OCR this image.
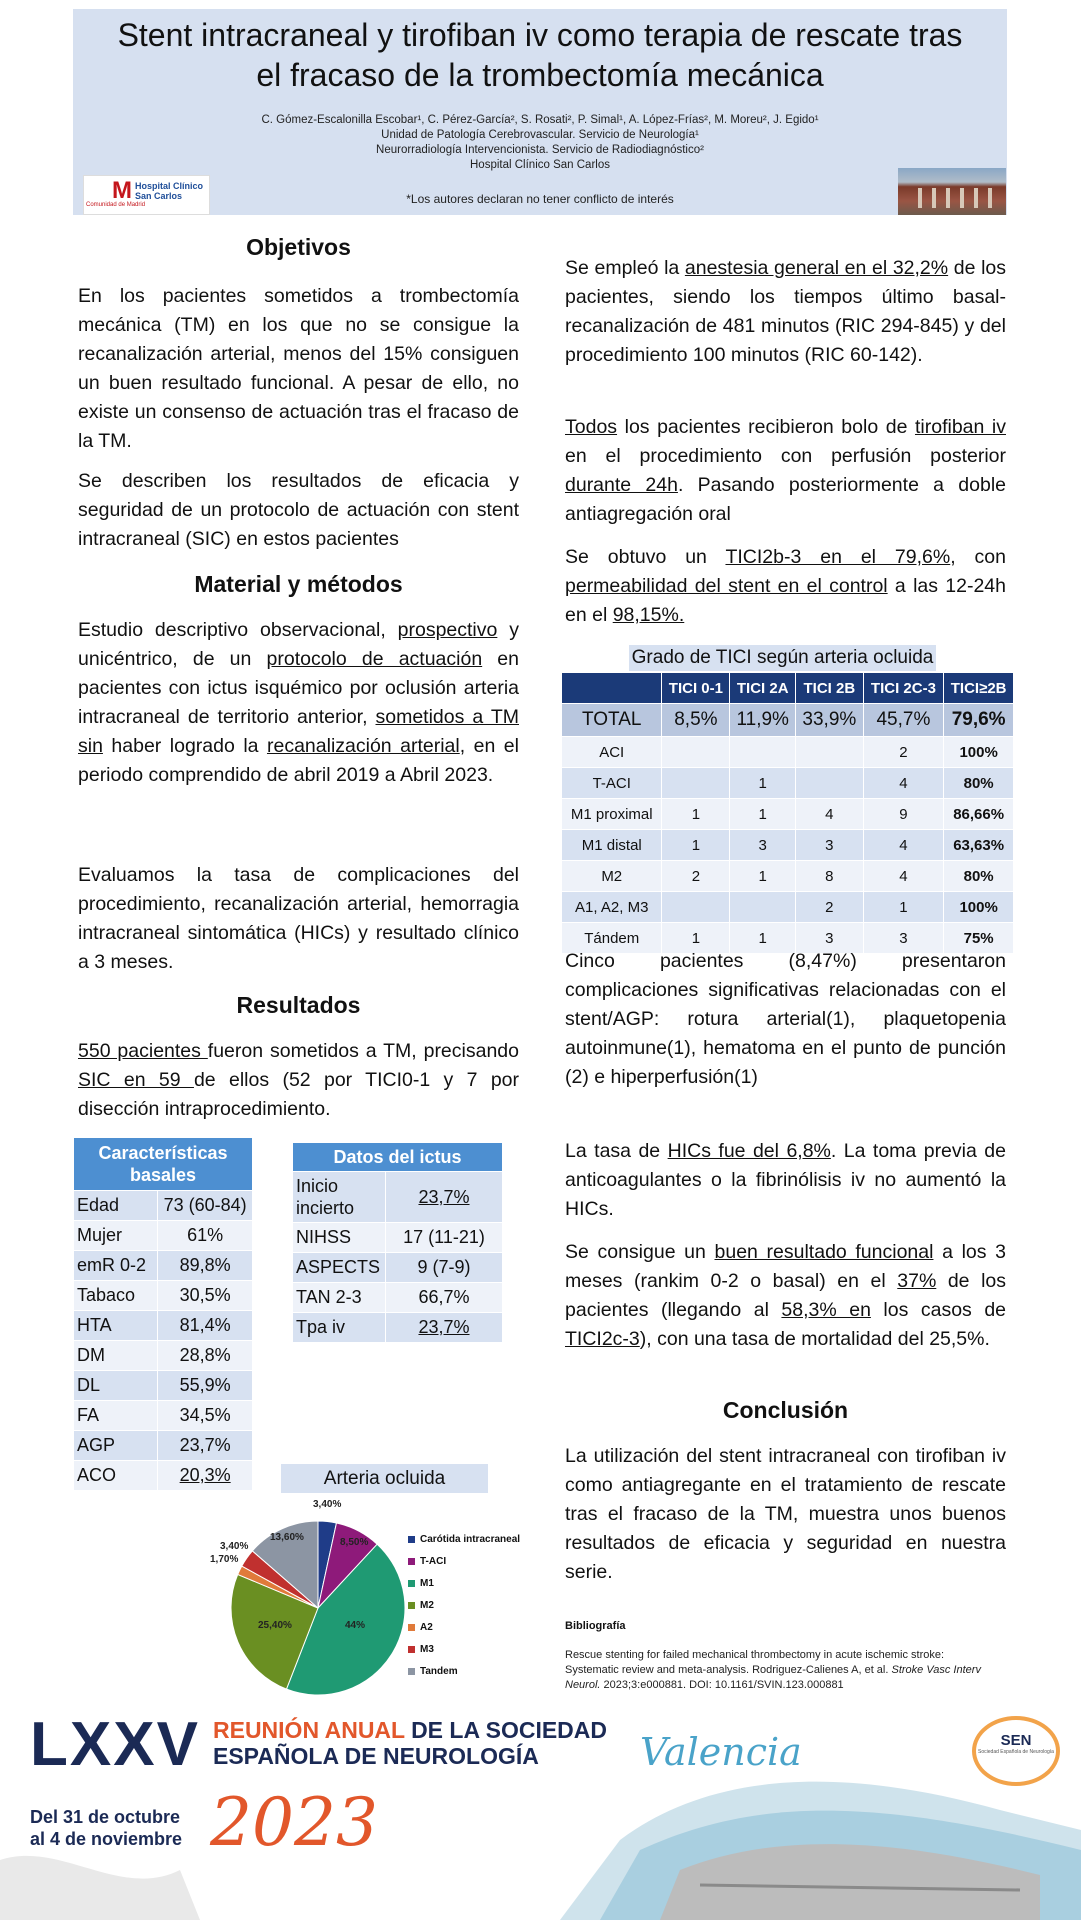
Stent intracraneal y tirofiban iv como terapia de rescate tras
el fracaso de la trombectomía mecánica
C. Gómez-Escalonilla Escobar¹, C. Pérez-García², S. Rosati², P. Simal¹, A. López-Frías², M. Moreu², J. Egido¹
Unidad de Patología Cerebrovascular. Servicio de Neurología¹
Neurorradiología Intervencionista. Servicio de Radiodiagnóstico²
Hospital Clínico San Carlos
*Los autores declaran no tener conflicto de interés
M Hospital Clínico
San Carlos
Comunidad de Madrid
Objetivos
En los pacientes sometidos a trombectomía mecánica (TM) en los que no se consigue la recanalización arterial, menos del 15% consiguen un buen resultado funcional. A pesar de ello, no existe un consenso de actuación tras el fracaso de la TM.
Se describen los resultados de eficacia y seguridad de un protocolo de actuación con stent intracraneal (SIC) en estos pacientes
Material y métodos
Estudio descriptivo observacional, prospectivo y unicéntrico, de un protocolo de actuación en pacientes con ictus isquémico por oclusión arteria intracraneal de territorio anterior, sometidos a TM sin haber logrado la recanalización arterial, en el periodo comprendido de abril 2019 a Abril 2023.
Evaluamos la tasa de complicaciones del procedimiento, recanalización arterial, hemorragia intracraneal sintomática (HICs) y resultado clínico a 3 meses.
Resultados
550 pacientes fueron sometidos a TM, precisando SIC en 59 de ellos (52 por TICI0-1 y 7 por disección intraprocedimiento.
Características basales	
Edad	73 (60-84)
Mujer	61%
emR 0-2	89,8%
Tabaco	30,5%
HTA	81,4%
DM	28,8%
DL	55,9%
FA	34,5%
AGP	23,7%
ACO	20,3%
Datos del ictus	
Inicio incierto	23,7%
NIHSS	17 (11-21)
ASPECTS	9 (7-9)
TAN 2-3	66,7%
Tpa iv	23,7%
Arteria ocluida
3,40%
8,50%
44%
25,40%
1,70%
3,40%
13,60%	Carótida intracraneal
T-ACI
M1
M2
A2
M3
Tandem
Se empleó la anestesia general en el 32,2% de los pacientes, siendo los tiempos último basal-recanalización de 481 minutos (RIC 294-845) y del procedimiento 100 minutos (RIC 60-142).
Todos los pacientes recibieron bolo de tirofiban iv en el procedimiento con perfusión posterior durante 24h. Pasando posteriormente a doble antiagregación oral
Se obtuvo un TICI2b-3 en el 79,6%, con permeabilidad del stent en el control a las 12-24h en el 98,15%.
Grado de TICI según arteria ocluida
	TICI 0-1	TICI 2A	TICI 2B	TICI 2C-3	TICI≥2B
TOTAL	8,5%	11,9%	33,9%	45,7%	79,6%
ACI				2	100%
T-ACI		1		4	80%
M1 proximal	1	1	4	9	86,66%
M1 distal	1	3	3	4	63,63%
M2	2	1	8	4	80%
A1, A2, M3			2	1	100%
Tándem	1	1	3	3	75%
Cinco pacientes (8,47%) presentaron complicaciones significativas relacionadas con el stent/AGP: rotura arterial(1), plaquetopenia autoinmune(1), hematoma en el punto de punción (2) e hiperperfusión(1)
La tasa de HICs fue del 6,8%. La toma previa de anticoagulantes o la fibrinólisis iv no aumentó la HICs.
Se consigue un buen resultado funcional a los 3 meses (rankim 0-2 o basal) en el 37% de los pacientes (llegando al 58,3% en los casos de TICI2c-3), con una tasa de mortalidad del 25,5%.
Conclusión
La utilización del stent intracraneal con tirofiban iv como antiagregante en el tratamiento de rescate tras el fracaso de la TM, muestra unos buenos resultados de eficacia y seguridad en nuestra serie.
Bibliografía
Rescue stenting for failed mechanical thrombectomy in acute ischemic stroke: Systematic review and meta-analysis. Rodriguez-Calienes A, et al. Stroke Vasc Interv Neurol. 2023;3:e000881. DOI: 10.1161/SVIN.123.000881
LXXV REUNIÓN ANUAL DE LA SOCIEDAD
ESPAÑOLA DE NEUROLOGÍA
Del 31 de octubre
al 4 de noviembre 2023
Valencia	SEN
Sociedad Española de Neurología
